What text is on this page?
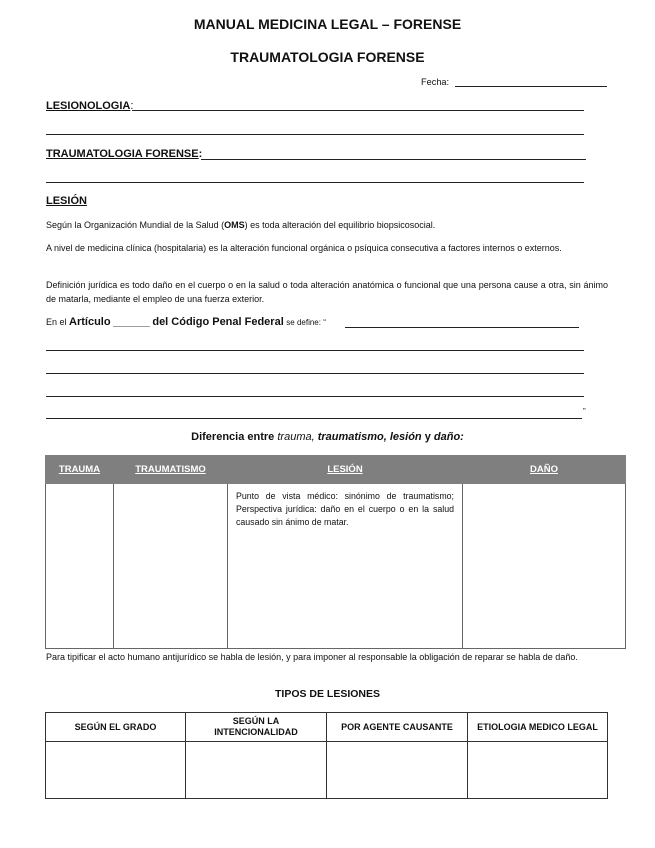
MANUAL MEDICINA LEGAL – FORENSE
TRAUMATOLOGIA FORENSE
Fecha:
LESIONOLOGIA:
TRAUMATOLOGIA FORENSE:
LESIÓN
Según la Organización Mundial de la Salud (OMS) es toda alteración del equilibrio biopsicosocial.
A nivel de medicina clínica (hospitalaria) es la alteración funcional orgánica o psíquica consecutiva a factores internos o externos.
Definición jurídica es todo daño en el cuerpo o en la salud o toda alteración anatómica o funcional que una persona cause a otra, sin ánimo de matarla, mediante el empleo de una fuerza exterior.
En el Artículo ______ del Código Penal Federal se define: “
”
Diferencia entre trauma, traumatismo, lesión y daño:
TRAUMA	TRAUMATISMO	LESIÓN	DAÑO
		Punto de vista médico: sinónimo de traumatismo; Perspectiva jurídica: daño en el cuerpo o en la salud causado sin ánimo de matar.	
Para tipificar el acto humano antijurídico se habla de lesión, y para imponer al responsable la obligación de reparar se habla de daño.
TIPOS DE LESIONES
SEGÚN EL GRADO	SEGÚN LA INTENCIONALIDAD	POR AGENTE CAUSANTE	ETIOLOGIA MEDICO LEGAL
